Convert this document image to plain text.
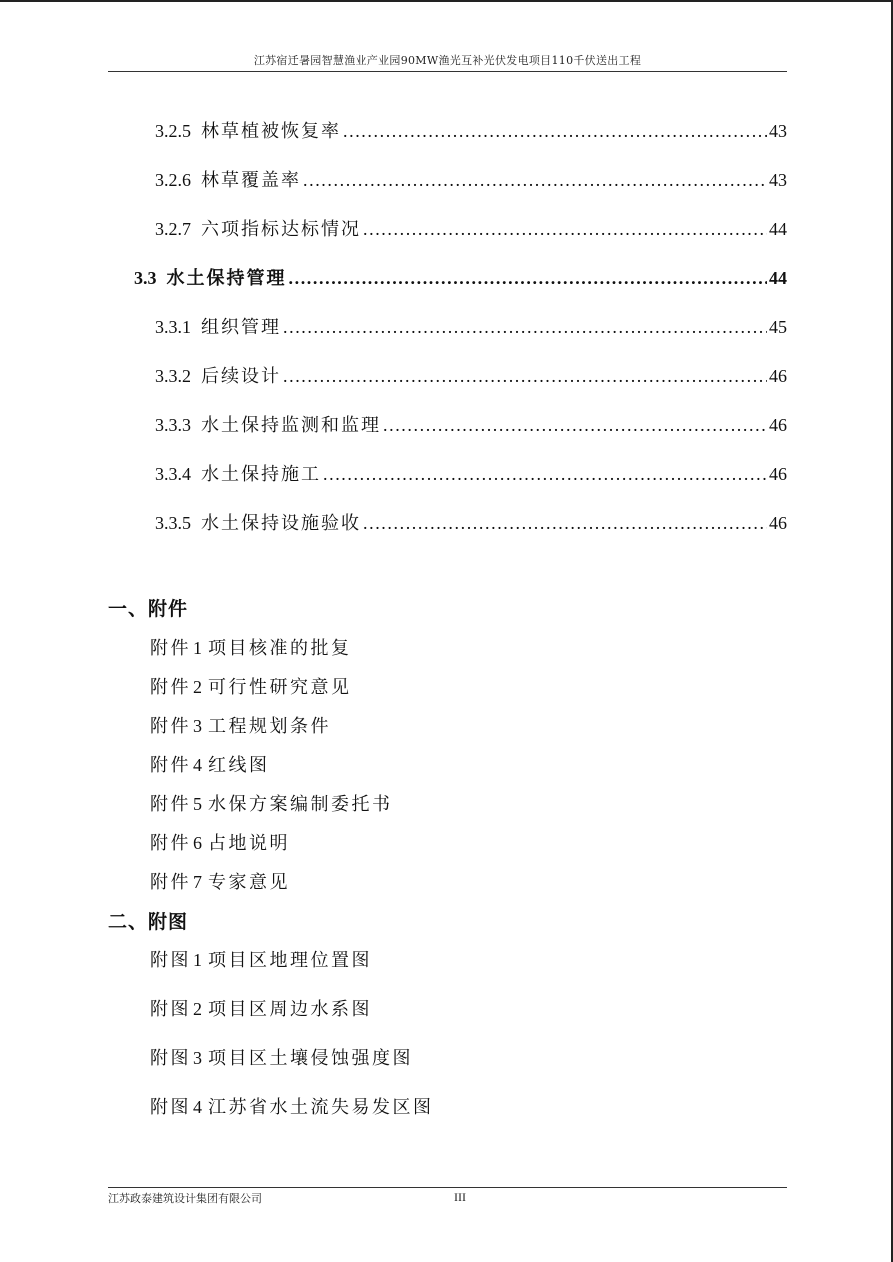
江苏宿迁暑园智慧渔业产业园90MW渔光互补光伏发电项目110千伏送出工程
3.2.5 林草植被恢复率 .....	43
3.2.6 林草覆盖率 .....	43
3.2.7 六项指标达标情况 .....	44
3.3 水土保持管理 .....	44
3.3.1 组织管理 .....	45
3.3.2 后续设计 .....	46
3.3.3 水土保持监测和监理 .....	46
3.3.4 水土保持施工 .....	46
3.3.5 水土保持设施验收 .....	46
一、附件
附件 1 项目核准的批复
附件 2 可行性研究意见
附件 3 工程规划条件
附件 4 红线图
附件 5 水保方案编制委托书
附件 6 占地说明
附件 7 专家意见
二、附图
附图 1 项目区地理位置图
附图 2 项目区周边水系图
附图 3 项目区土壤侵蚀强度图
附图 4 江苏省水土流失易发区图
江苏政泰建筑设计集团有限公司	III
